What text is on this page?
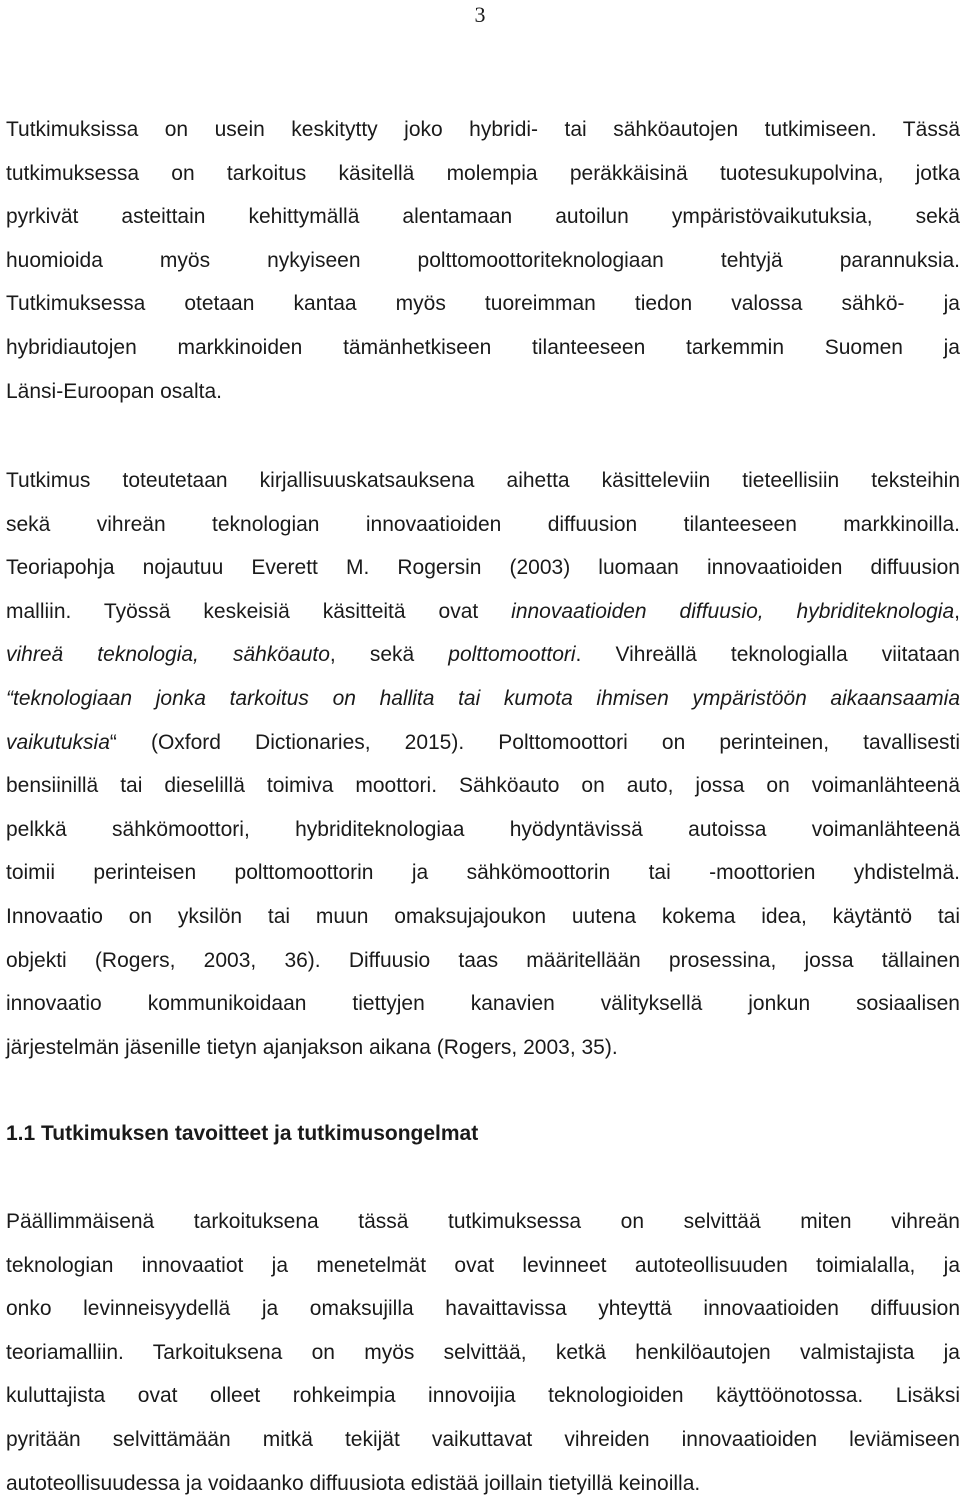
3

Tutkimuksissa on usein keskitytty joko hybridi- tai sähköautojen tutkimiseen. Tässä
tutkimuksessa on tarkoitus käsitellä molempia peräkkäisinä tuotesukupolvina, jotka
pyrkivät asteittain kehittymällä alentamaan autoilun ympäristövaikutuksia, sekä
huomioida myös nykyiseen polttomoottoriteknologiaan tehtyjä parannuksia.
Tutkimuksessa otetaan kantaa myös tuoreimman tiedon valossa sähkö- ja
hybridiautojen markkinoiden tämänhetkiseen tilanteeseen tarkemmin Suomen ja
Länsi-Euroopan osalta.

Tutkimus toteutetaan kirjallisuuskatsauksena aihetta käsitteleviin tieteellisiin teksteihin
sekä vihreän teknologian innovaatioiden diffuusion tilanteeseen markkinoilla.
Teoriapohja nojautuu Everett M. Rogersin (2003) luomaan innovaatioiden diffuusion
malliin. Työssä keskeisiä käsitteitä ovat innovaatioiden diffuusio, hybriditeknologia,
vihreä teknologia, sähköauto, sekä polttomoottori. Vihreällä teknologialla viitataan
“teknologiaan jonka tarkoitus on hallita tai kumota ihmisen ympäristöön aikaansaamia
vaikutuksia“ (Oxford Dictionaries, 2015). Polttomoottori on perinteinen, tavallisesti
bensiinillä tai dieselillä toimiva moottori. Sähköauto on auto, jossa on voimanlähteenä
pelkkä sähkömoottori, hybriditeknologiaa hyödyntävissä autoissa voimanlähteenä
toimii perinteisen polttomoottorin ja sähkömoottorin tai -moottorien yhdistelmä.
Innovaatio on yksilön tai muun omaksujajoukon uutena kokema idea, käytäntö tai
objekti (Rogers, 2003, 36). Diffuusio taas määritellään prosessina, jossa tällainen
innovaatio kommunikoidaan tiettyjen kanavien välityksellä jonkun sosiaalisen
järjestelmän jäsenille tietyn ajanjakson aikana (Rogers, 2003, 35).

1.1 Tutkimuksen tavoitteet ja tutkimusongelmat

Päällimmäisenä tarkoituksena tässä tutkimuksessa on selvittää miten vihreän
teknologian innovaatiot ja menetelmät ovat levinneet autoteollisuuden toimialalla, ja
onko levinneisyydellä ja omaksujilla havaittavissa yhteyttä innovaatioiden diffuusion
teoriamalliin. Tarkoituksena on myös selvittää, ketkä henkilöautojen valmistajista ja
kuluttajista ovat olleet rohkeimpia innovoijia teknologioiden käyttöönotossa. Lisäksi
pyritään selvittämään mitkä tekijät vaikuttavat vihreiden innovaatioiden leviämiseen
autoteollisuudessa ja voidaanko diffuusiota edistää joillain tietyillä keinoilla.
